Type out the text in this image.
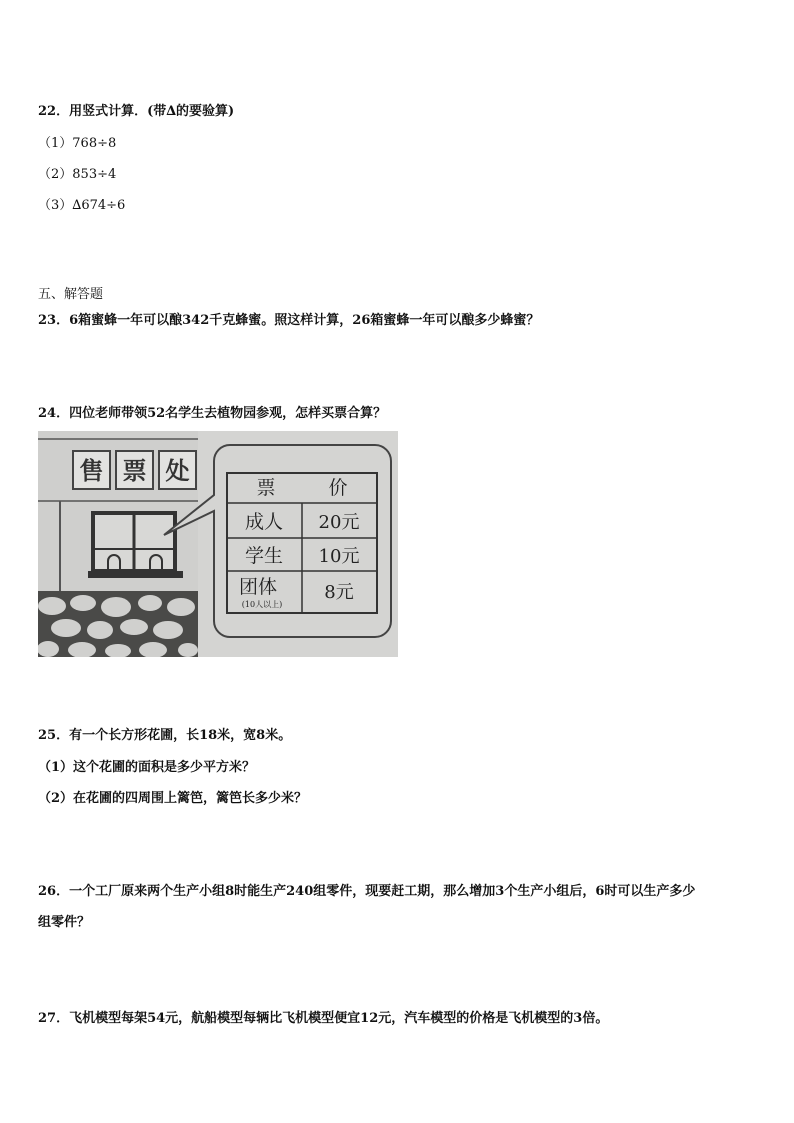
22．用竖式计算．(带∆的要验算)
（1）768÷8
（2）853÷4
（3）∆674÷6
五、解答题
23．6箱蜜蜂一年可以酿342千克蜂蜜。照这样计算，26箱蜜蜂一年可以酿多少蜂蜜？
24．四位老师带领52名学生去植物园参观，怎样买票合算？
售 票 处
票	价
成人 20元
学生 10元
团体
(10人以上)
8元
25．有一个长方形花圃，长18米，宽8米。
（1）这个花圃的面积是多少平方米？
（2）在花圃的四周围上篱笆，篱笆长多少米？
26．一个工厂原来两个生产小组8时能生产240组零件，现要赶工期，那么增加3个生产小组后，6时可以生产多少
组零件？
27．飞机模型每架54元，航船模型每辆比飞机模型便宜12元，汽车模型的价格是飞机模型的3倍。
